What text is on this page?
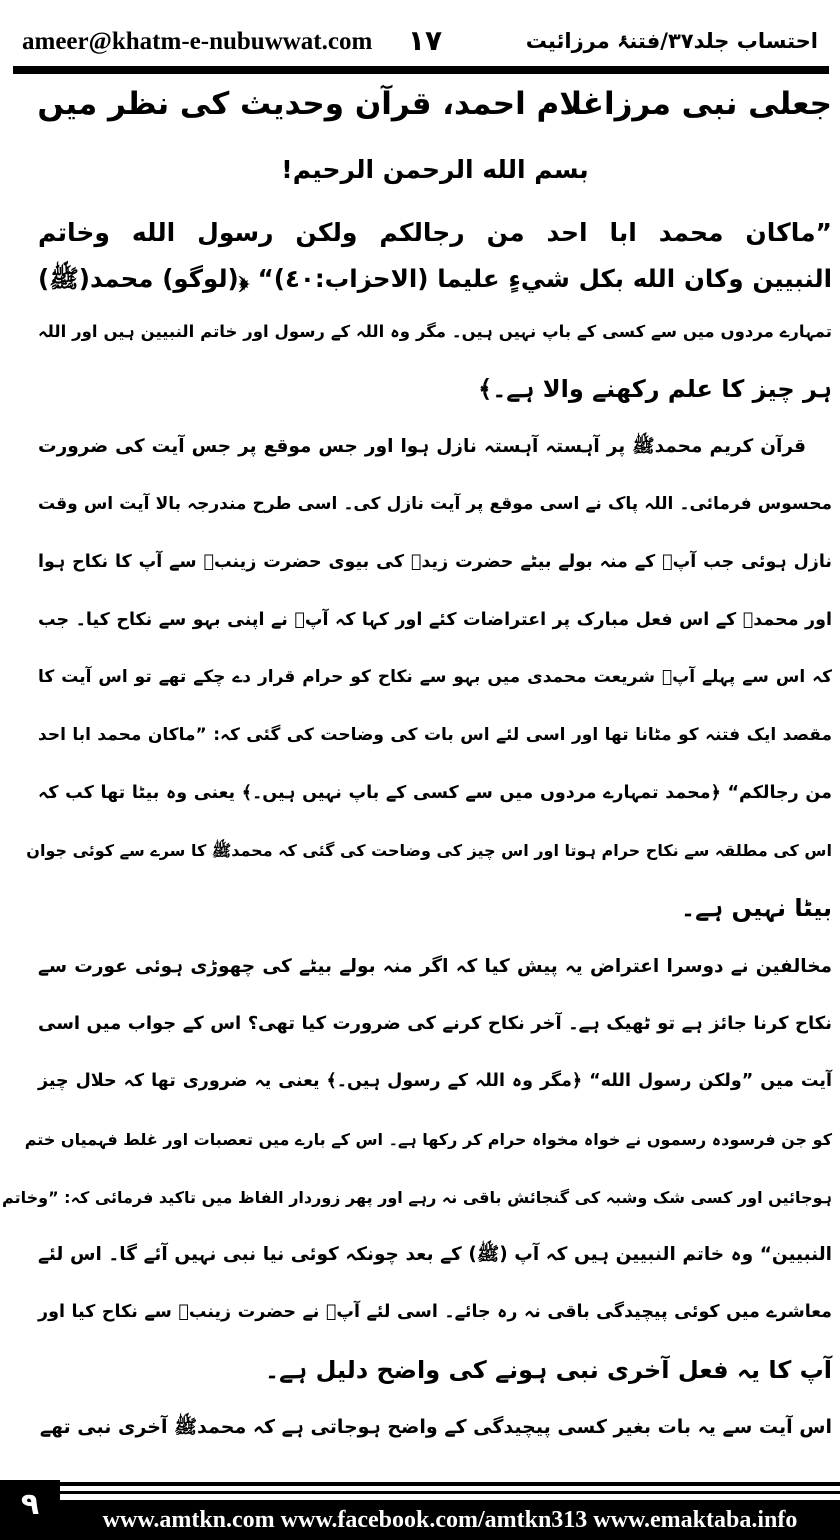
ameer@khatm-e-nubuwwat.com ۱۷	احتساب جلد۳۷/فتنۂ مرزائیت
جعلی نبی مرزاغلام احمد، قرآن وحدیث کی نظر میں
بسم الله الرحمن الرحيم!
”ماكان محمد ابا احد من رجالكم ولكن رسول الله وخاتم
النبيين وكان الله بكل شيءٍ عليما (الاحزاب:٤٠)“ ﴿(لوگو) محمد(ﷺ)
تمہارے مردوں میں سے کسی کے باپ نہیں ہیں۔ مگر وہ اللہ کے رسول اور خاتم النبیین ہیں اور اللہ
ہر چیز کا علم رکھنے والا ہے۔﴾
قرآن کریم محمدﷺ پر آہستہ آہستہ نازل ہوا اور جس موقع پر جس آیت کی ضرورت
محسوس فرمائی۔ اللہ پاک نے اسی موقع پر آیت نازل کی۔ اسی طرح مندرجہ بالا آیت اس وقت
نازل ہوئی جب آپؐ کے منہ بولے بیٹے حضرت زیدؓ کی بیوی حضرت زینبؓ سے آپ کا نکاح ہوا
اور محمدﷺ کے اس فعل مبارک پر اعتراضات کئے اور کہا کہ آپؐ نے اپنی بہو سے نکاح کیا۔ جب
کہ اس سے پہلے آپؐ شریعت محمدی میں بہو سے نکاح کو حرام قرار دے چکے تھے تو اس آیت کا
مقصد ایک فتنہ کو مٹانا تھا اور اسی لئے اس بات کی وضاحت کی گئی کہ: ”ماكان محمد ابا احد
من رجالكم“ ﴿محمد تمہارے مردوں میں سے کسی کے باپ نہیں ہیں۔﴾ یعنی وہ بیٹا تھا کب کہ
اس کی مطلقہ سے نکاح حرام ہوتا اور اس چیز کی وضاحت کی گئی کہ محمدﷺ کا سرے سے کوئی جوان
بیٹا نہیں ہے۔
مخالفین نے دوسرا اعتراض یہ پیش کیا کہ اگر منہ بولے بیٹے کی چھوڑی ہوئی عورت سے
نکاح کرنا جائز ہے تو ٹھیک ہے۔ آخر نکاح کرنے کی ضرورت کیا تھی؟ اس کے جواب میں اسی
آیت میں ”ولكن رسول الله“ ﴿مگر وہ اللہ کے رسول ہیں۔﴾ یعنی یہ ضروری تھا کہ حلال چیز
کو جن فرسودہ رسموں نے خواہ مخواہ حرام کر رکھا ہے۔ اس کے بارے میں تعصبات اور غلط فہمیاں ختم
ہوجائیں اور کسی شک وشبہ کی گنجائش باقی نہ رہے اور پھر زوردار الفاظ میں تاکید فرمائی کہ: ”وخاتم
النبيين“ وہ خاتم النبیین ہیں کہ آپ (ﷺ) کے بعد چونکہ کوئی نیا نبی نہیں آئے گا۔ اس لئے
معاشرے میں کوئی پیچیدگی باقی نہ رہ جائے۔ اسی لئے آپؐ نے حضرت زینبؓ سے نکاح کیا اور
آپ کا یہ فعل آخری نبی ہونے کی واضح دلیل ہے۔
اس آیت سے یہ بات بغیر کسی پیچیدگی کے واضح ہوجاتی ہے کہ محمدﷺ آخری نبی تھے
۹	www.amtkn.com www.facebook.com/amtkn313 www.emaktaba.info
